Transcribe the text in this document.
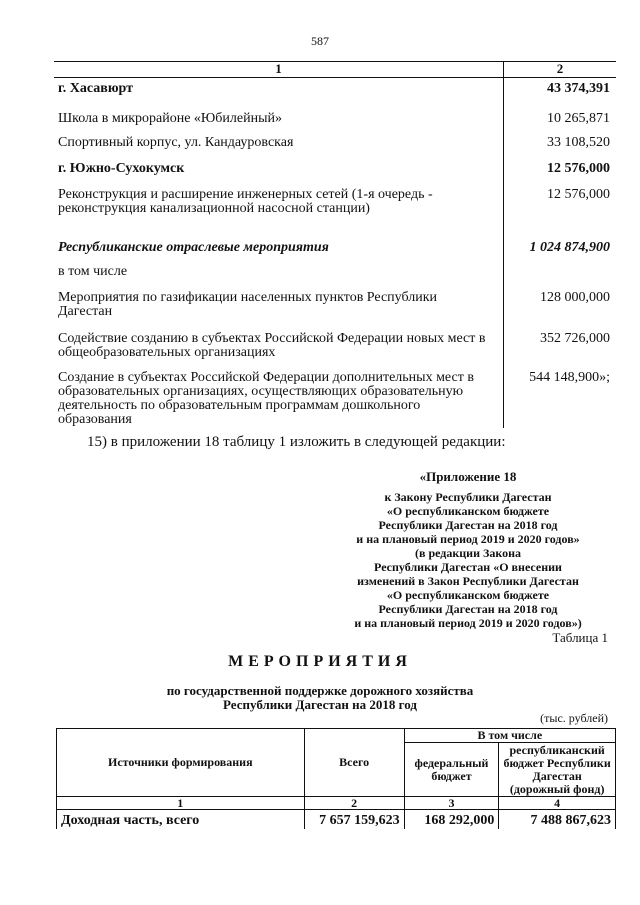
587
1	2
г. Хасавюрт	43 374,391
Школа в микрорайоне «Юбилейный»	10 265,871
Спортивный корпус, ул. Кандауровская	33 108,520
г. Южно-Сухокумск	12 576,000
Реконструкция и расширение инженерных сетей (1-я очередь - реконструкция канализационной насосной станции)	12 576,000
Республиканские отраслевые мероприятия	1 024 874,900
в том числе	
Мероприятия по газификации населенных пунктов Республики Дагестан	128 000,000
Содействие созданию в субъектах Российской Федерации новых мест в общеобразовательных организациях	352 726,000
Создание в субъектах Российской Федерации дополнительных мест в образовательных организациях, осуществляющих образовательную деятельность по образовательным программам дошкольного образования	544 148,900»;
15) в приложении 18 таблицу 1 изложить в следующей редакции:
«Приложение 18
к Закону Республики Дагестан
«О республиканском бюджете
Республики Дагестан на 2018 год
и на плановый период 2019 и 2020 годов»
(в редакции Закона
Республики Дагестан «О внесении
изменений в Закон Республики Дагестан
«О республиканском бюджете
Республики Дагестан на 2018 год
и на плановый период 2019 и 2020 годов»)
Таблица 1
МЕРОПРИЯТИЯ
по государственной поддержке дорожного хозяйства
Республики Дагестан на 2018 год
(тыс. рублей)
Источники формирования	Всего	В том числе	
		федеральный бюджет	республиканский бюджет Республики Дагестан (дорожный фонд)
1	2	3	4
Доходная часть, всего	7 657 159,623	168 292,000	7 488 867,623
